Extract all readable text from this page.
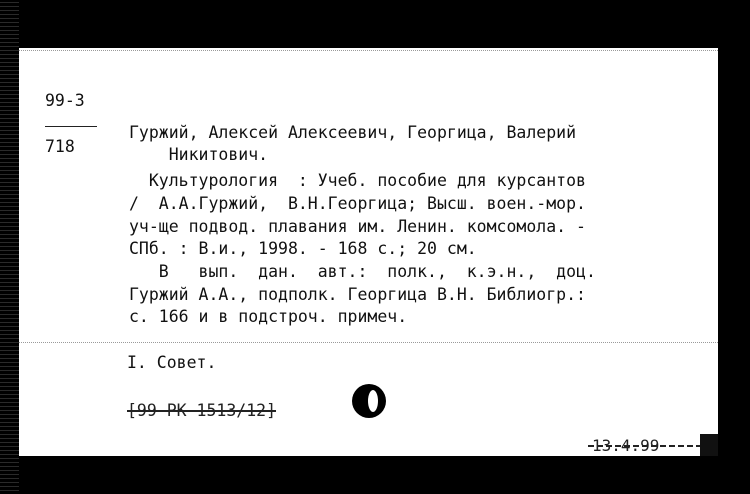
99-3
718
Гуржий, Алексей Алексеевич, Георгица, Валерий
Никитович.
Культурология  : Учеб. пособие для курсантов
/  А.А.Гуржий,  В.Н.Георгица; Высш. воен.-мор.
уч-ще подвод. плавания им. Ленин. комсомола. -
СПб. : В.и., 1998. - 168 с.; 20 см.
В   вып.  дан.  авт.:  полк.,  к.э.н.,  доц.
Гуржий А.А., подполк. Георгица В.Н. Библиогр.:
с. 166 и в подстроч. примеч.
I. Совет.
[99-РК-1513/12]
13.4.99
